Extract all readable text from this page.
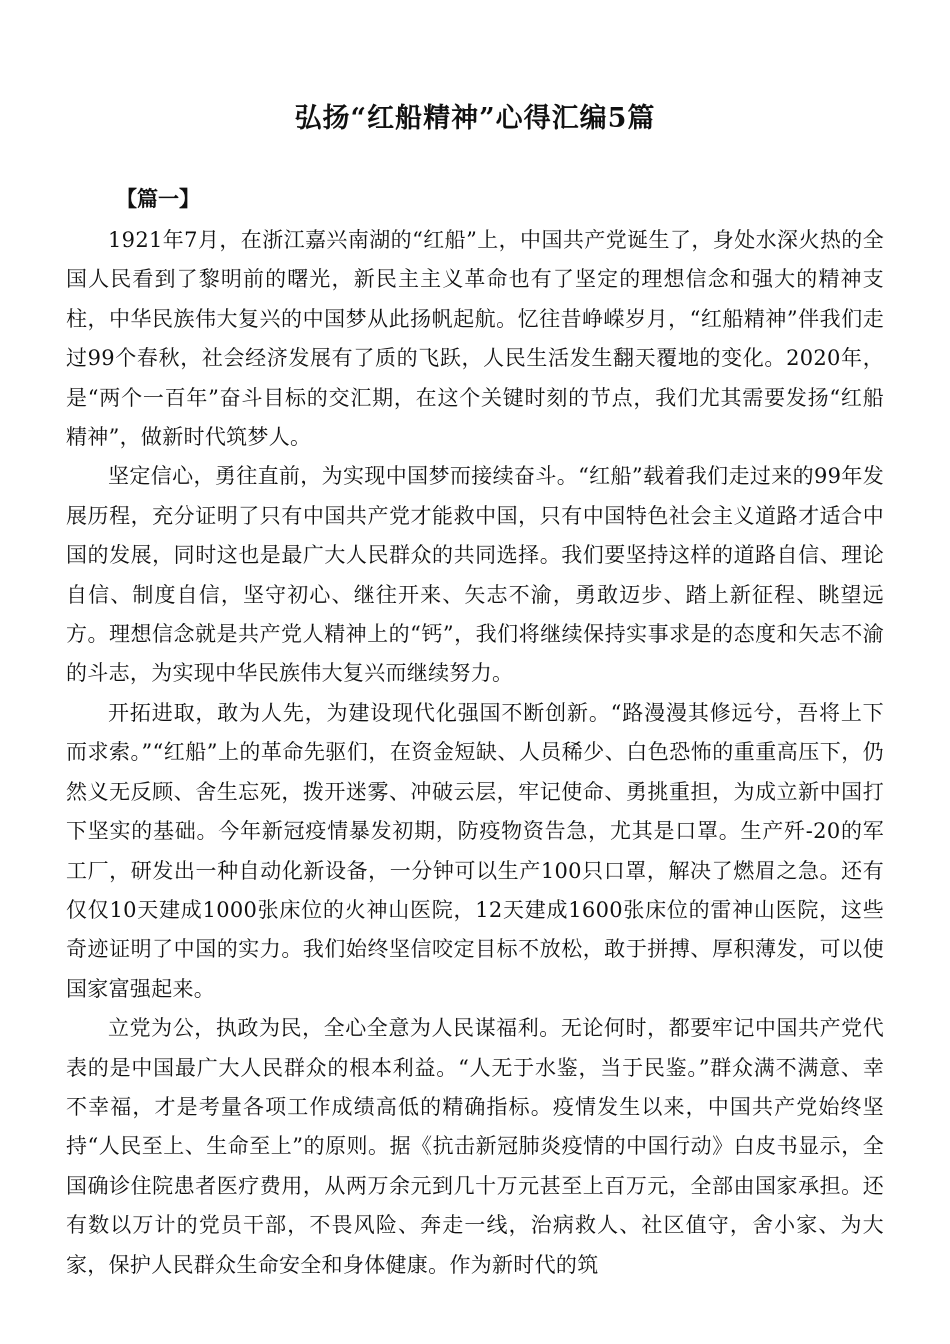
弘扬“红船精神”心得汇编5篇
【篇一】

1921年7月，在浙江嘉兴南湖的“红船”上，中国共产党诞生了，身处水深火热的全国人民看到了黎明前的曙光，新民主主义革命也有了坚定的理想信念和强大的精神支柱，中华民族伟大复兴的中国梦从此扬帆起航。忆往昔峥嵘岁月，“红船精神”伴我们走过99个春秋，社会经济发展有了质的飞跃，人民生活发生翻天覆地的变化。2020年，是“两个一百年”奋斗目标的交汇期，在这个关键时刻的节点，我们尤其需要发扬“红船精神”，做新时代筑梦人。

坚定信心，勇往直前，为实现中国梦而接续奋斗。“红船”载着我们走过来的99年发展历程，充分证明了只有中国共产党才能救中国，只有中国特色社会主义道路才适合中国的发展，同时这也是最广大人民群众的共同选择。我们要坚持这样的道路自信、理论自信、制度自信，坚守初心、继往开来、矢志不渝，勇敢迈步、踏上新征程、眺望远方。理想信念就是共产党人精神上的“钙”，我们将继续保持实事求是的态度和矢志不渝的斗志，为实现中华民族伟大复兴而继续努力。

开拓进取，敢为人先，为建设现代化强国不断创新。“路漫漫其修远兮，吾将上下而求索。”“红船”上的革命先驱们，在资金短缺、人员稀少、白色恐怖的重重高压下，仍然义无反顾、舍生忘死，拨开迷雾、冲破云层，牢记使命、勇挑重担，为成立新中国打下坚实的基础。今年新冠疫情暴发初期，防疫物资告急，尤其是口罩。生产歼-20的军工厂，研发出一种自动化新设备，一分钟可以生产100只口罩，解决了燃眉之急。还有仅仅10天建成1000张床位的火神山医院，12天建成1600张床位的雷神山医院，这些奇迹证明了中国的实力。我们始终坚信咬定目标不放松，敢于拼搏、厚积薄发，可以使国家富强起来。

立党为公，执政为民，全心全意为人民谋福利。无论何时，都要牢记中国共产党代表的是中国最广大人民群众的根本利益。“人无于水鉴，当于民鉴。”群众满不满意、幸不幸福，才是考量各项工作成绩高低的精确指标。疫情发生以来，中国共产党始终坚持“人民至上、生命至上”的原则。据《抗击新冠肺炎疫情的中国行动》白皮书显示，全国确诊住院患者医疗费用，从两万余元到几十万元甚至上百万元，全部由国家承担。还有数以万计的党员干部，不畏风险、奔走一线，治病救人、社区值守，舍小家、为大家，保护人民群众生命安全和身体健康。作为新时代的筑
